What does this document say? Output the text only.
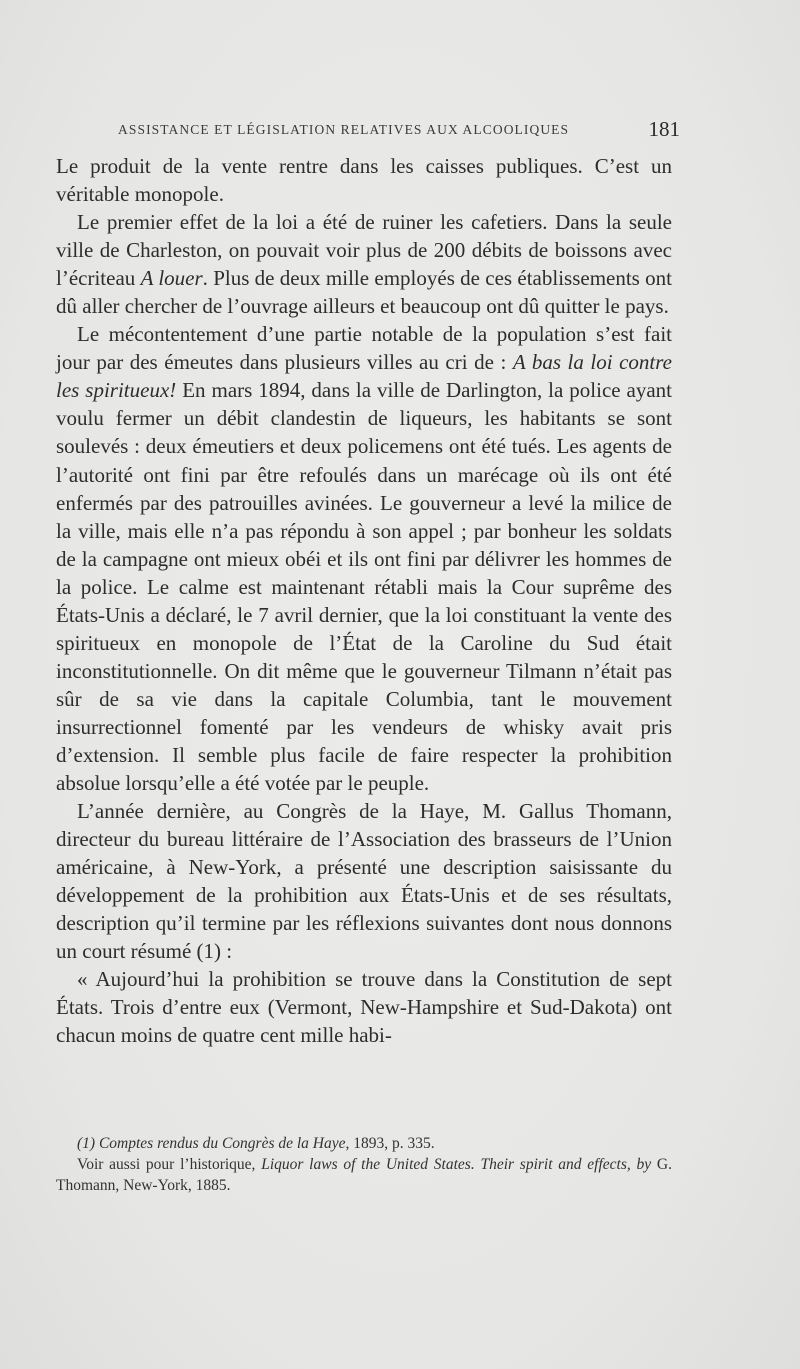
ASSISTANCE ET LÉGISLATION RELATIVES AUX ALCOOLIQUES	181

Le produit de la vente rentre dans les caisses publiques. C’est un véritable monopole.

Le premier effet de la loi a été de ruiner les cafetiers. Dans la seule ville de Charleston, on pouvait voir plus de 200 débits de boissons avec l’écriteau A louer. Plus de deux mille employés de ces établissements ont dû aller chercher de l’ouvrage ailleurs et beaucoup ont dû quitter le pays.

Le mécontentement d’une partie notable de la population s’est fait jour par des émeutes dans plusieurs villes au cri de : A bas la loi contre les spiritueux! En mars 1894, dans la ville de Darlington, la police ayant voulu fermer un débit clandestin de liqueurs, les habitants se sont soulevés : deux émeutiers et deux policemens ont été tués. Les agents de l’autorité ont fini par être refoulés dans un marécage où ils ont été enfermés par des patrouilles avinées. Le gouverneur a levé la milice de la ville, mais elle n’a pas répondu à son appel ; par bonheur les soldats de la campagne ont mieux obéi et ils ont fini par délivrer les hommes de la police. Le calme est maintenant rétabli mais la Cour suprême des États-Unis a déclaré, le 7 avril dernier, que la loi constituant la vente des spiritueux en monopole de l’État de la Caroline du Sud était inconstitutionnelle. On dit même que le gouverneur Tilmann n’était pas sûr de sa vie dans la capitale Columbia, tant le mouvement insurrectionnel fomenté par les vendeurs de whisky avait pris d’extension. Il semble plus facile de faire respecter la prohibition absolue lorsqu’elle a été votée par le peuple.

L’année dernière, au Congrès de la Haye, M. Gallus Thomann, directeur du bureau littéraire de l’Association des brasseurs de l’Union américaine, à New-York, a présenté une description saisissante du développement de la prohibition aux États-Unis et de ses résultats, description qu’il termine par les réflexions suivantes dont nous donnons un court résumé (1) :

« Aujourd’hui la prohibition se trouve dans la Constitution de sept États. Trois d’entre eux (Vermont, New-Hampshire et Sud-Dakota) ont chacun moins de quatre cent mille habi-

(1) Comptes rendus du Congrès de la Haye, 1893, p. 335.

Voir aussi pour l’historique, Liquor laws of the United States. Their spirit and effects, by G. Thomann, New-York, 1885.
